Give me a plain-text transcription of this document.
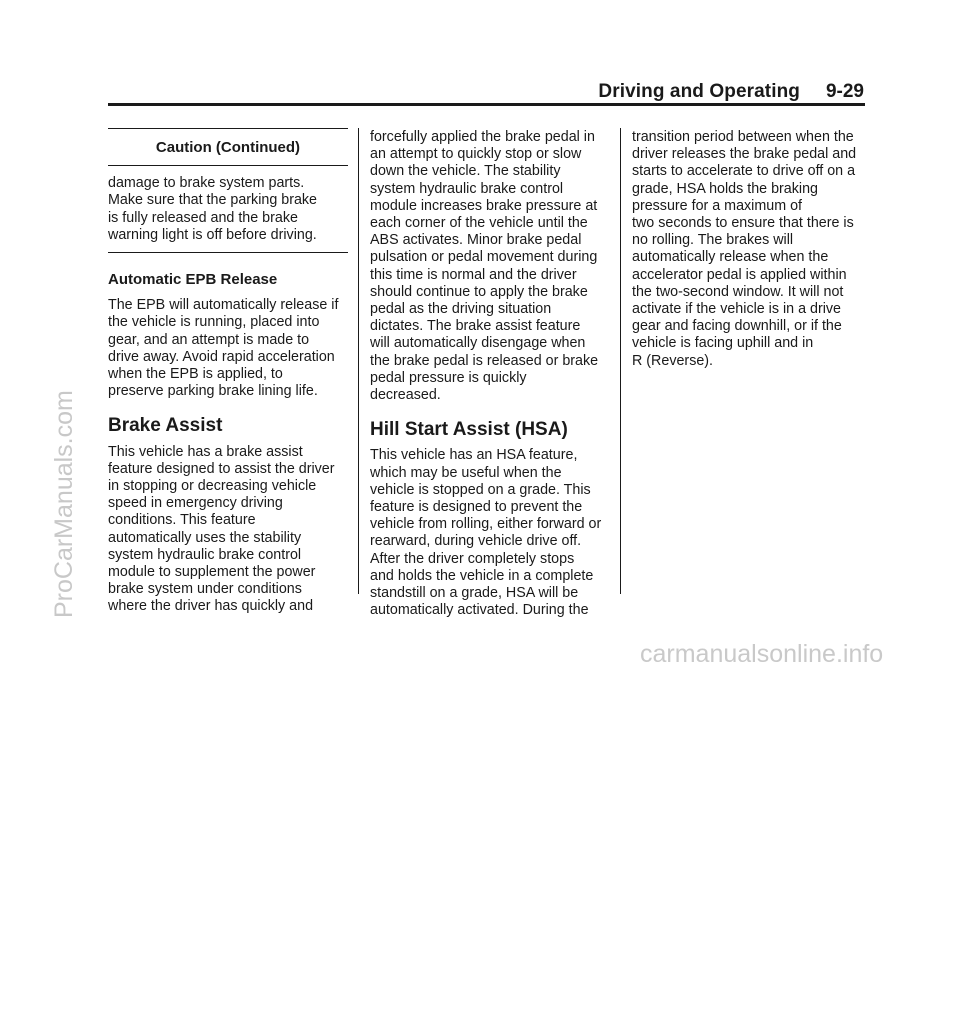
Driving and Operating	9-29
Caution (Continued)
damage to brake system parts.
Make sure that the parking brake
is fully released and the brake
warning light is off before driving.
Automatic EPB Release

The EPB will automatically release if
the vehicle is running, placed into
gear, and an attempt is made to
drive away. Avoid rapid acceleration
when the EPB is applied, to
preserve parking brake lining life.

Brake Assist

This vehicle has a brake assist
feature designed to assist the driver
in stopping or decreasing vehicle
speed in emergency driving
conditions. This feature
automatically uses the stability
system hydraulic brake control
module to supplement the power
brake system under conditions
where the driver has quickly and

forcefully applied the brake pedal in
an attempt to quickly stop or slow
down the vehicle. The stability
system hydraulic brake control
module increases brake pressure at
each corner of the vehicle until the
ABS activates. Minor brake pedal
pulsation or pedal movement during
this time is normal and the driver
should continue to apply the brake
pedal as the driving situation
dictates. The brake assist feature
will automatically disengage when
the brake pedal is released or brake
pedal pressure is quickly
decreased.

Hill Start Assist (HSA)

This vehicle has an HSA feature,
which may be useful when the
vehicle is stopped on a grade. This
feature is designed to prevent the
vehicle from rolling, either forward or
rearward, during vehicle drive off.
After the driver completely stops
and holds the vehicle in a complete
standstill on a grade, HSA will be
automatically activated. During the

transition period between when the
driver releases the brake pedal and
starts to accelerate to drive off on a
grade, HSA holds the braking
pressure for a maximum of
two seconds to ensure that there is
no rolling. The brakes will
automatically release when the
accelerator pedal is applied within
the two-second window. It will not
activate if the vehicle is in a drive
gear and facing downhill, or if the
vehicle is facing uphill and in
R (Reverse).

ProCarManuals.com
carmanualsonline.info
